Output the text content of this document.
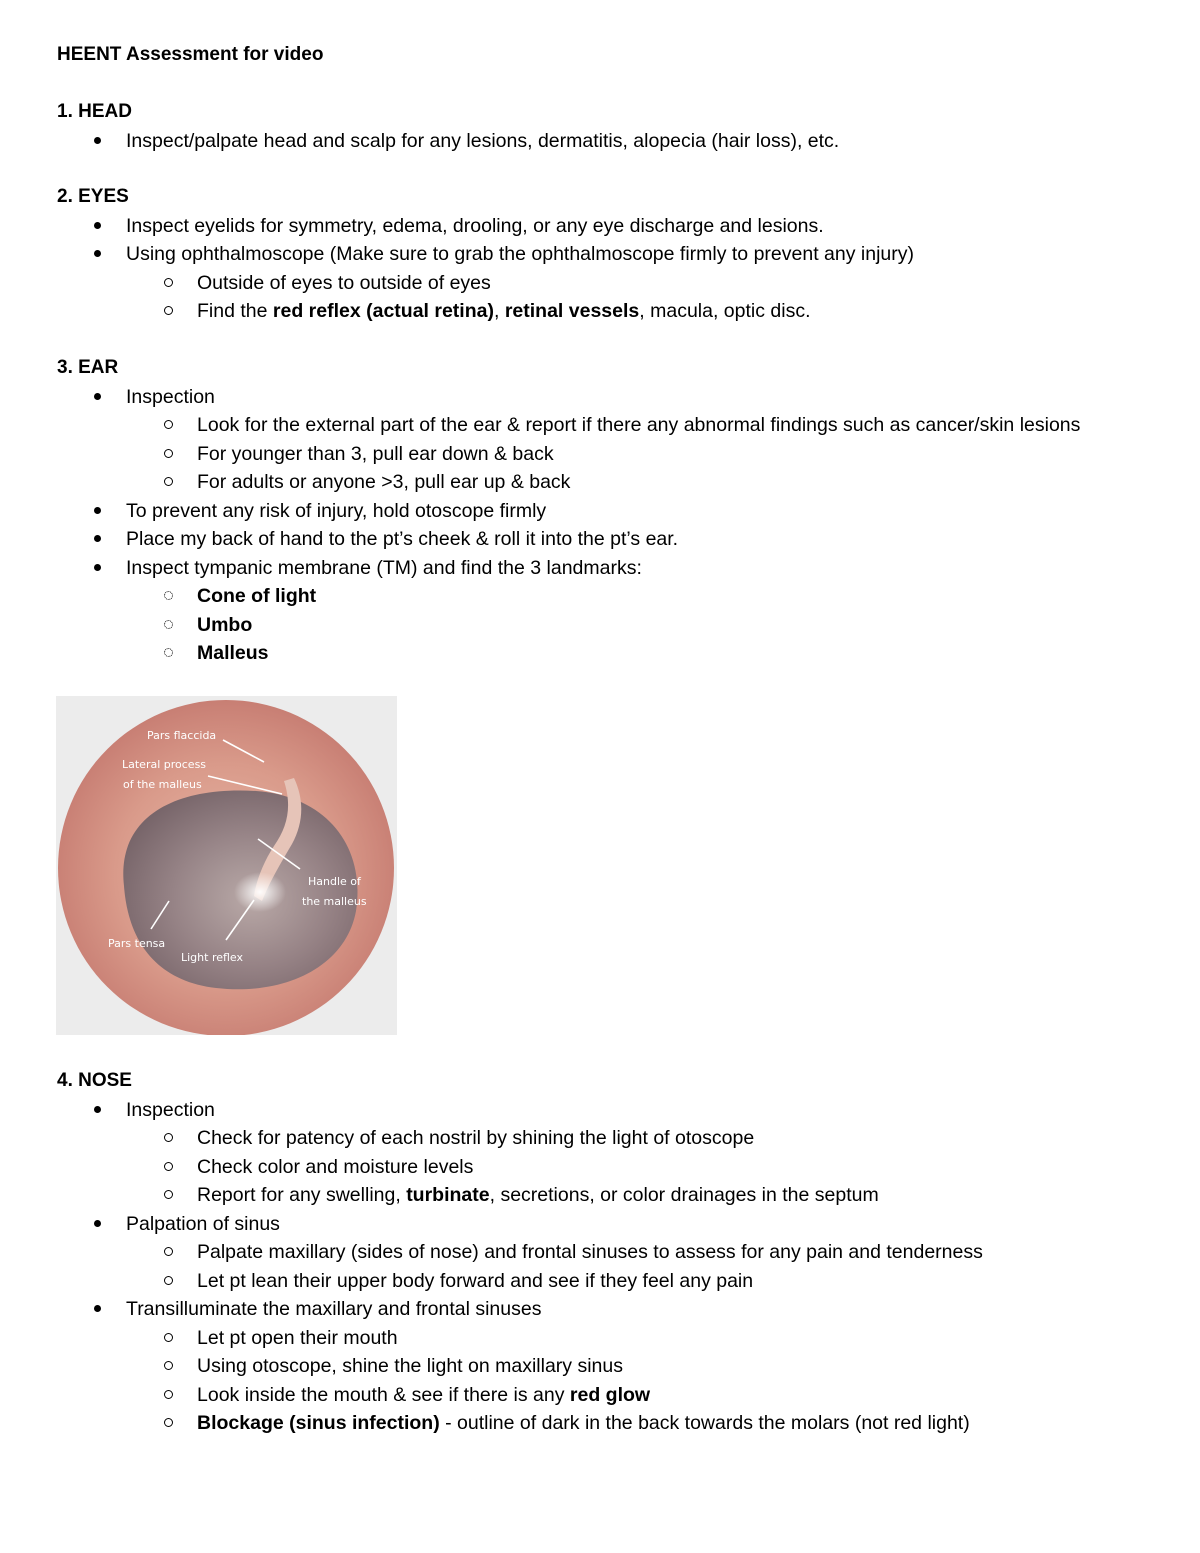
HEENT Assessment for video
1. HEAD
Inspect/palpate head and scalp for any lesions, dermatitis, alopecia (hair loss), etc.
2. EYES
Inspect eyelids for symmetry, edema, drooling, or any eye discharge and lesions.
Using ophthalmoscope (Make sure to grab the ophthalmoscope firmly to prevent any injury)
Outside of eyes to outside of eyes
Find the red reflex (actual retina), retinal vessels, macula, optic disc.
3. EAR
Inspection
Look for the external part of the ear & report if there any abnormal findings such as cancer/skin lesions
For younger than 3, pull ear down & back
For adults or anyone >3, pull ear up & back
To prevent any risk of injury, hold otoscope firmly
Place my back of hand to the pt’s cheek & roll it into the pt’s ear.
Inspect tympanic membrane (TM) and find the 3 landmarks:
Cone of light
Umbo
Malleus
Pars flaccida
Lateral process
of the malleus
Handle of
the malleus
Pars tensa
Light reflex
4. NOSE
Inspection
Check for patency of each nostril by shining the light of otoscope
Check color and moisture levels
Report for any swelling, turbinate, secretions, or color drainages in the septum
Palpation of sinus
Palpate maxillary (sides of nose) and frontal sinuses to assess for any pain and tenderness
Let pt lean their upper body forward and see if they feel any pain
Transilluminate the maxillary and frontal sinuses
Let pt open their mouth
Using otoscope, shine the light on maxillary sinus
Look inside the mouth & see if there is any red glow
Blockage (sinus infection) - outline of dark in the back towards the molars (not red light)
